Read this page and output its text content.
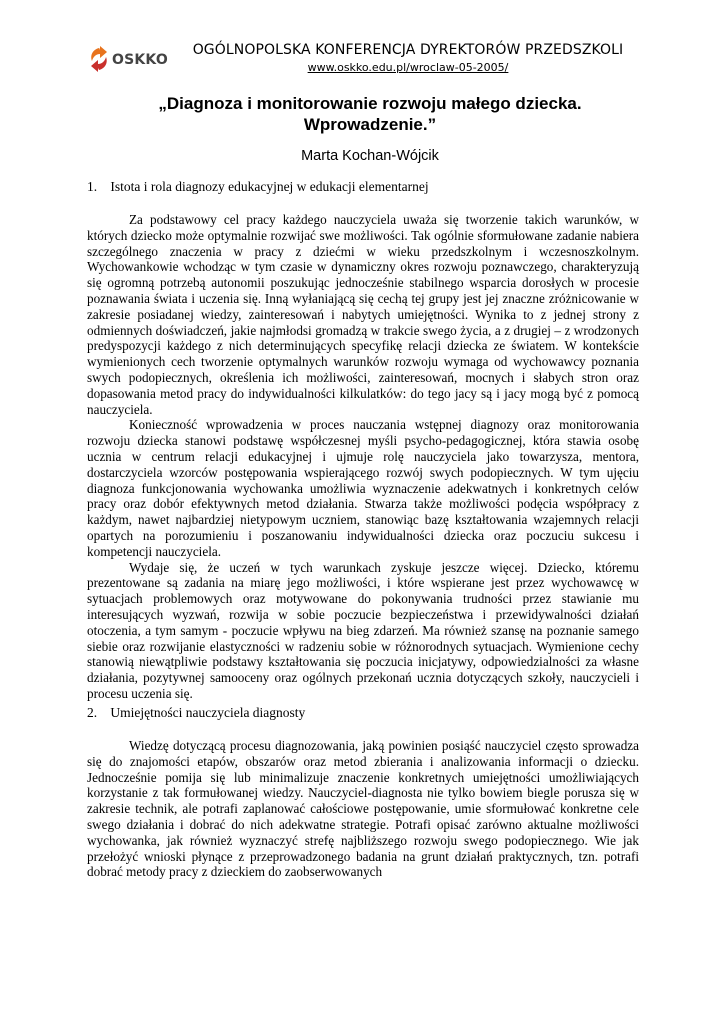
OSKKO
OGÓLNOPOLSKA KONFERENCJA DYREKTORÓW PRZEDSZKOLI
www.oskko.edu.pl/wroclaw-05-2005/
„Diagnoza i monitorowanie rozwoju małego dziecka.
Wprowadzenie.”
Marta Kochan-Wójcik
1. Istota i rola diagnozy edukacyjnej w edukacji elementarnej

Za podstawowy cel pracy każdego nauczyciela uważa się tworzenie takich warunków, w których dziecko może optymalnie rozwijać swe możliwości. Tak ogólnie sformułowane zadanie nabiera szczególnego znaczenia w pracy z dziećmi w wieku przedszkolnym i wczesnoszkolnym. Wychowankowie wchodząc w tym czasie w dynamiczny okres rozwoju poznawczego, charakteryzują się ogromną potrzebą autonomii poszukując jednocześnie stabilnego wsparcia dorosłych w procesie poznawania świata i uczenia się. Inną wyłaniającą się cechą tej grupy jest jej znaczne zróżnicowanie w zakresie posiadanej wiedzy, zainteresowań i nabytych umiejętności. Wynika to z jednej strony z odmiennych doświadczeń, jakie najmłodsi gromadzą w trakcie swego życia, a z drugiej – z wrodzonych predyspozycji każdego z nich determinujących specyfikę relacji dziecka ze światem. W kontekście wymienionych cech tworzenie optymalnych warunków rozwoju wymaga od wychowawcy poznania swych podopiecznych, określenia ich możliwości, zainteresowań, mocnych i słabych stron oraz dopasowania metod pracy do indywidualności kilkulatków: do tego jacy są i jacy mogą być z pomocą nauczyciela.

Konieczność wprowadzenia w proces nauczania wstępnej diagnozy oraz monitorowania rozwoju dziecka stanowi podstawę współczesnej myśli psycho-pedagogicznej, która stawia osobę ucznia w centrum relacji edukacyjnej i ujmuje rolę nauczyciela jako towarzysza, mentora, dostarczyciela wzorców postępowania wspierającego rozwój swych podopiecznych. W tym ujęciu diagnoza funkcjonowania wychowanka umożliwia wyznaczenie adekwatnych i konkretnych celów pracy oraz dobór efektywnych metod działania. Stwarza także możliwości podęcia współpracy z każdym, nawet najbardziej nietypowym uczniem, stanowiąc bazę kształtowania wzajemnych relacji opartych na porozumieniu i poszanowaniu indywidualności dziecka oraz poczuciu sukcesu i kompetencji nauczyciela.

Wydaje się, że uczeń w tych warunkach zyskuje jeszcze więcej. Dziecko, któremu prezentowane są zadania na miarę jego możliwości, i które wspierane jest przez wychowawcę w sytuacjach problemowych oraz motywowane do pokonywania trudności przez stawianie mu interesujących wyzwań, rozwija w sobie poczucie bezpieczeństwa i przewidywalności działań otoczenia, a tym samym - poczucie wpływu na bieg zdarzeń. Ma również szansę na poznanie samego siebie oraz rozwijanie elastyczności w radzeniu sobie w różnorodnych sytuacjach. Wymienione cechy stanowią niewątpliwie podstawy kształtowania się poczucia inicjatywy, odpowiedzialności za własne działania, pozytywnej samooceny oraz ogólnych przekonań ucznia dotyczących szkoły, nauczycieli i procesu uczenia się.

2. Umiejętności nauczyciela diagnosty

Wiedzę dotyczącą procesu diagnozowania, jaką powinien posiąść nauczyciel często sprowadza się do znajomości etapów, obszarów oraz metod zbierania i analizowania informacji o dziecku. Jednocześnie pomija się lub minimalizuje znaczenie konkretnych umiejętności umożliwiających korzystanie z tak formułowanej wiedzy. Nauczyciel-diagnosta nie tylko bowiem biegle porusza się w zakresie technik, ale potrafi zaplanować całościowe postępowanie, umie sformułować konkretne cele swego działania i dobrać do nich adekwatne strategie. Potrafi opisać zarówno aktualne możliwości wychowanka, jak również wyznaczyć strefę najbliższego rozwoju swego podopiecznego. Wie jak przełożyć wnioski płynące z przeprowadzonego badania na grunt działań praktycznych, tzn. potrafi dobrać metody pracy z dzieckiem do zaobserwowanych
